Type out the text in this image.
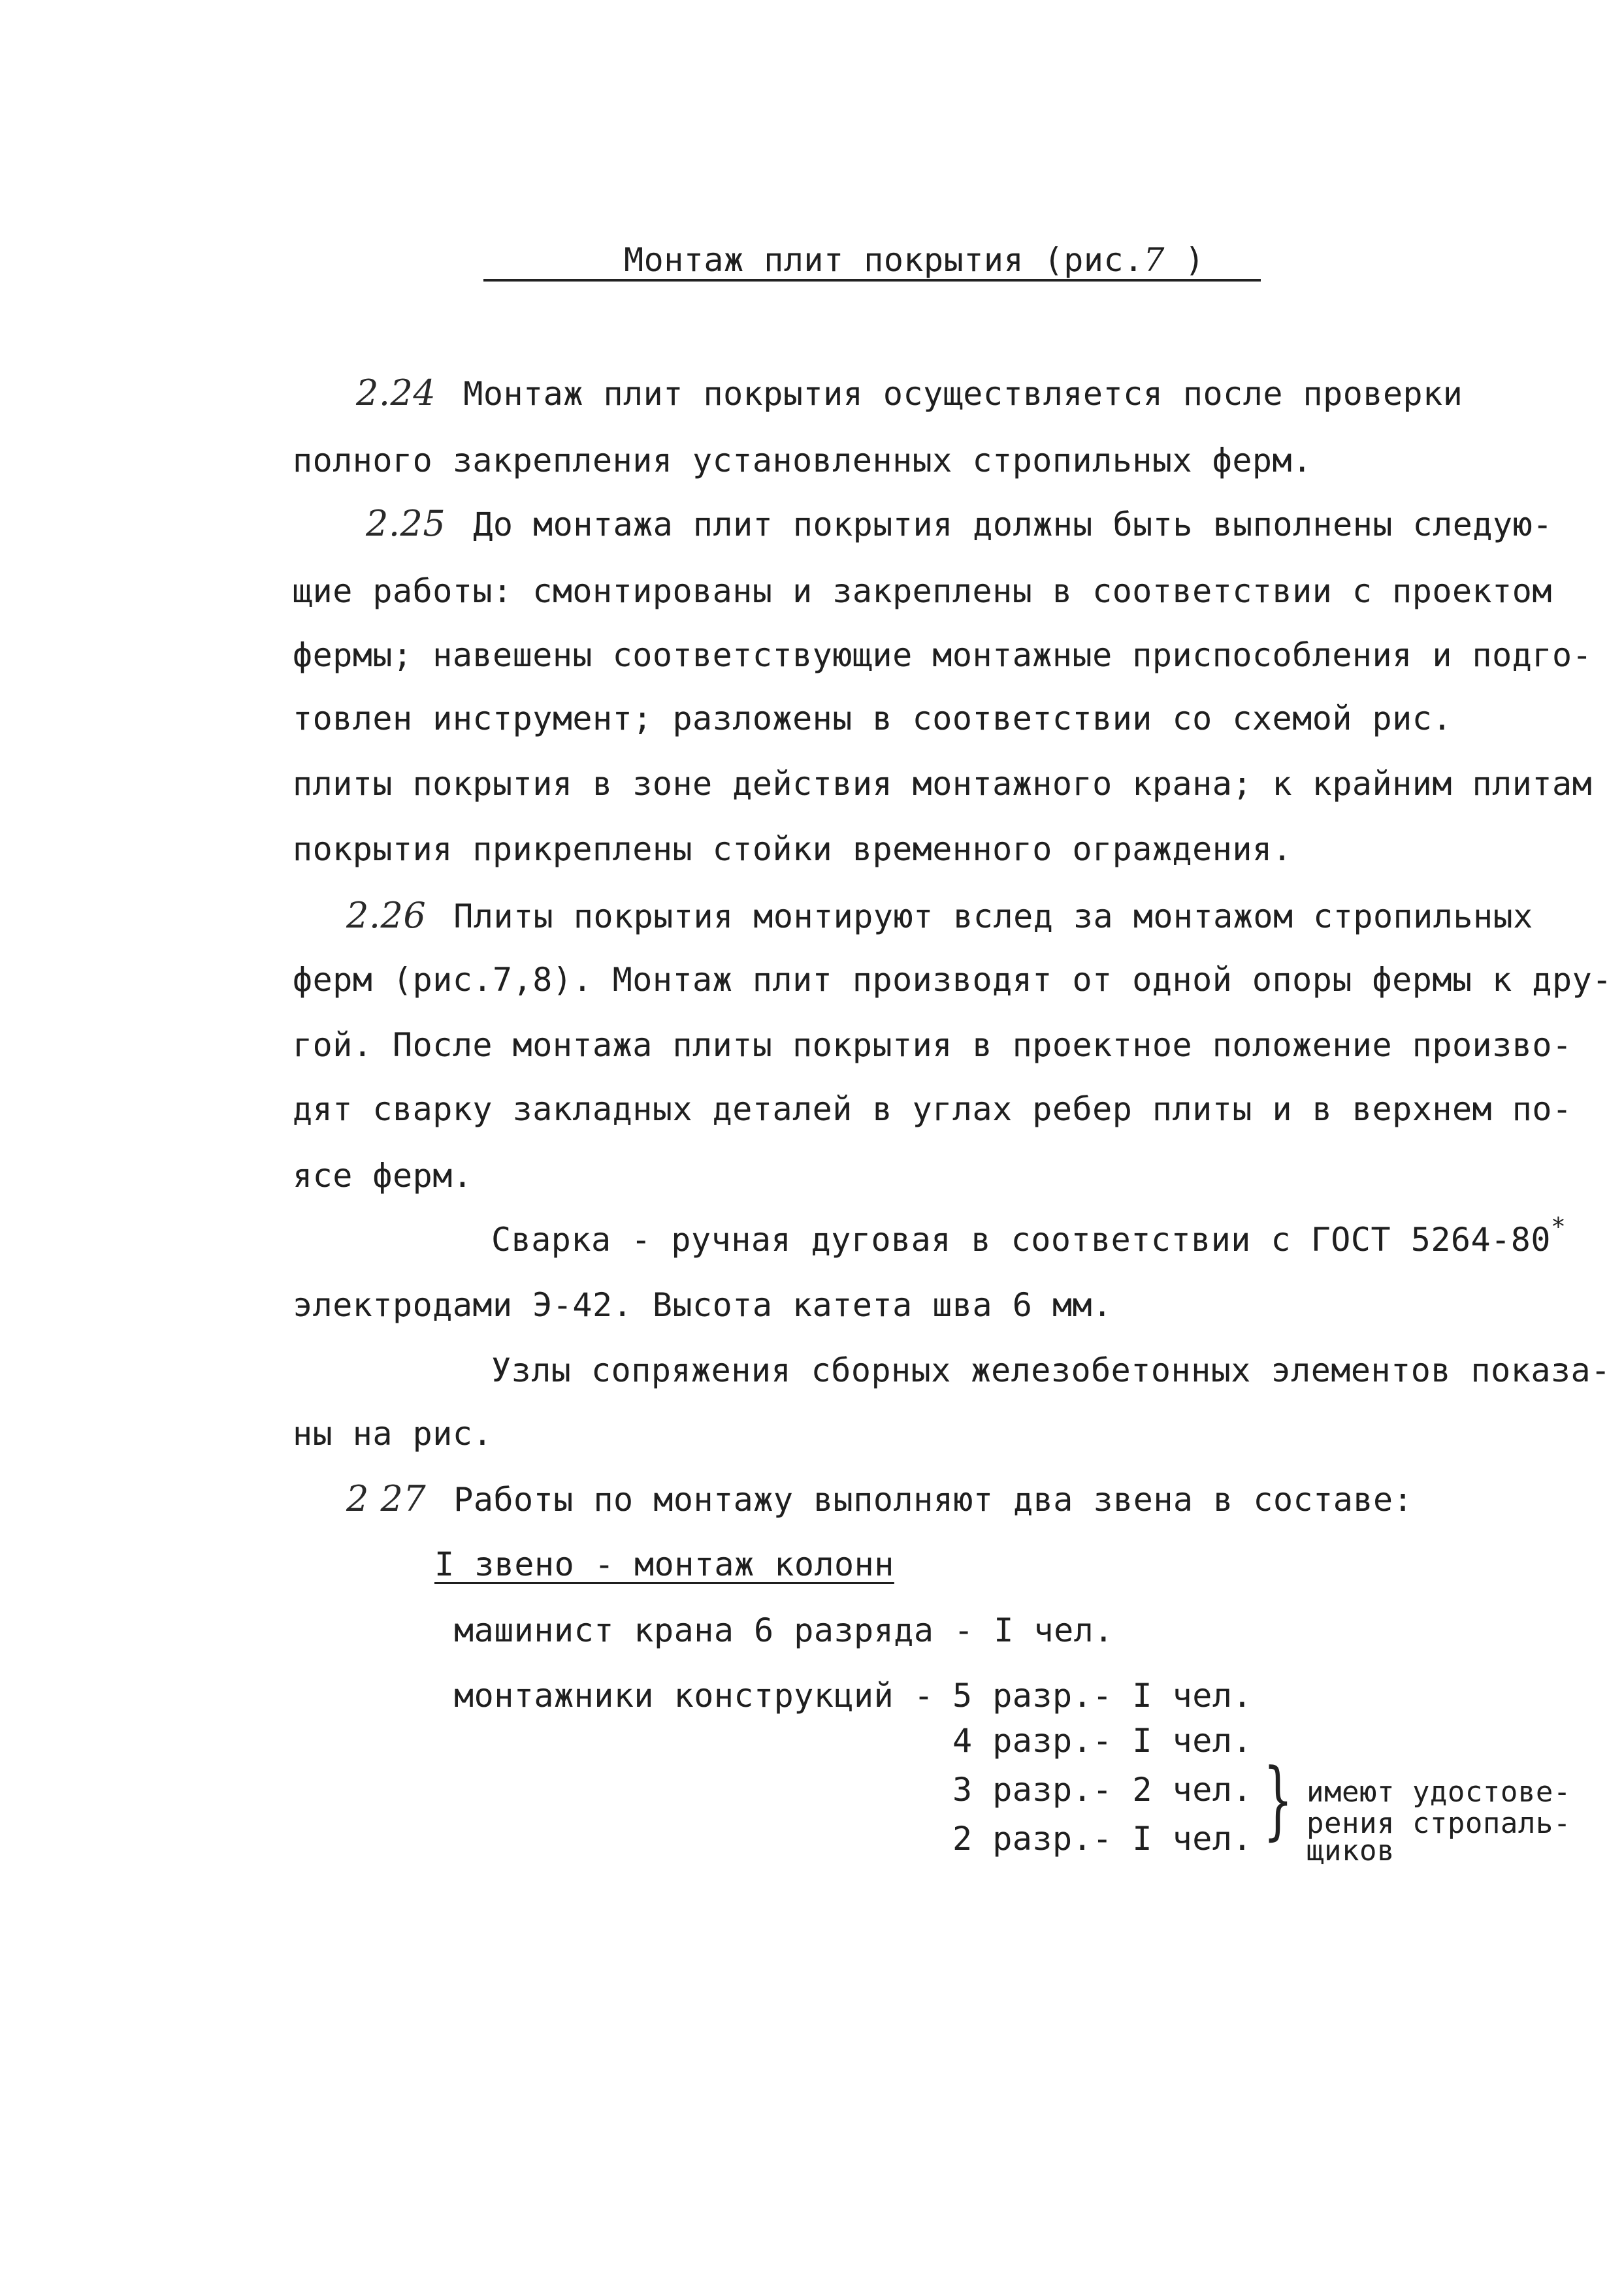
Монтаж плит покрытия (рис.7 )
2.24 Монтаж плит покрытия осуществляется после проверки
полного закрепления установленных стропильных ферм.
2.25 До монтажа плит покрытия должны быть выполнены следую-
щие работы: смонтированы и закреплены в соответствии с проектом
фермы; навешены соответствующие монтажные приспособления и подго-
товлен инструмент; разложены в соответствии со схемой рис.
плиты покрытия в зоне действия монтажного крана; к крайним плитам
покрытия прикреплены стойки временного ограждения.
2.26 Плиты покрытия монтируют вслед за монтажом стропильных
ферм (рис.7,8). Монтаж плит производят от одной опоры фермы к дру-
гой. После монтажа плиты покрытия в проектное положение произво-
дят сварку закладных деталей в углах ребер плиты и в верхнем по-
ясе ферм.
Сварка - ручная дуговая в соответствии с ГОСТ 5264-80*
электродами Э-42. Высота катета шва 6 мм.
Узлы сопряжения сборных железобетонных элементов показа-
ны на рис.
2 27 Работы по монтажу выполняют два звена в составе:
I звено - монтаж колонн
машинист крана 6 разряда - I чел.
монтажники конструкций -
5 разр.- I чел.
4 разр.- I чел.
3 разр.- 2 чел.
2 разр.- I чел. } имеют удостове-
рения стропаль-
щиков
